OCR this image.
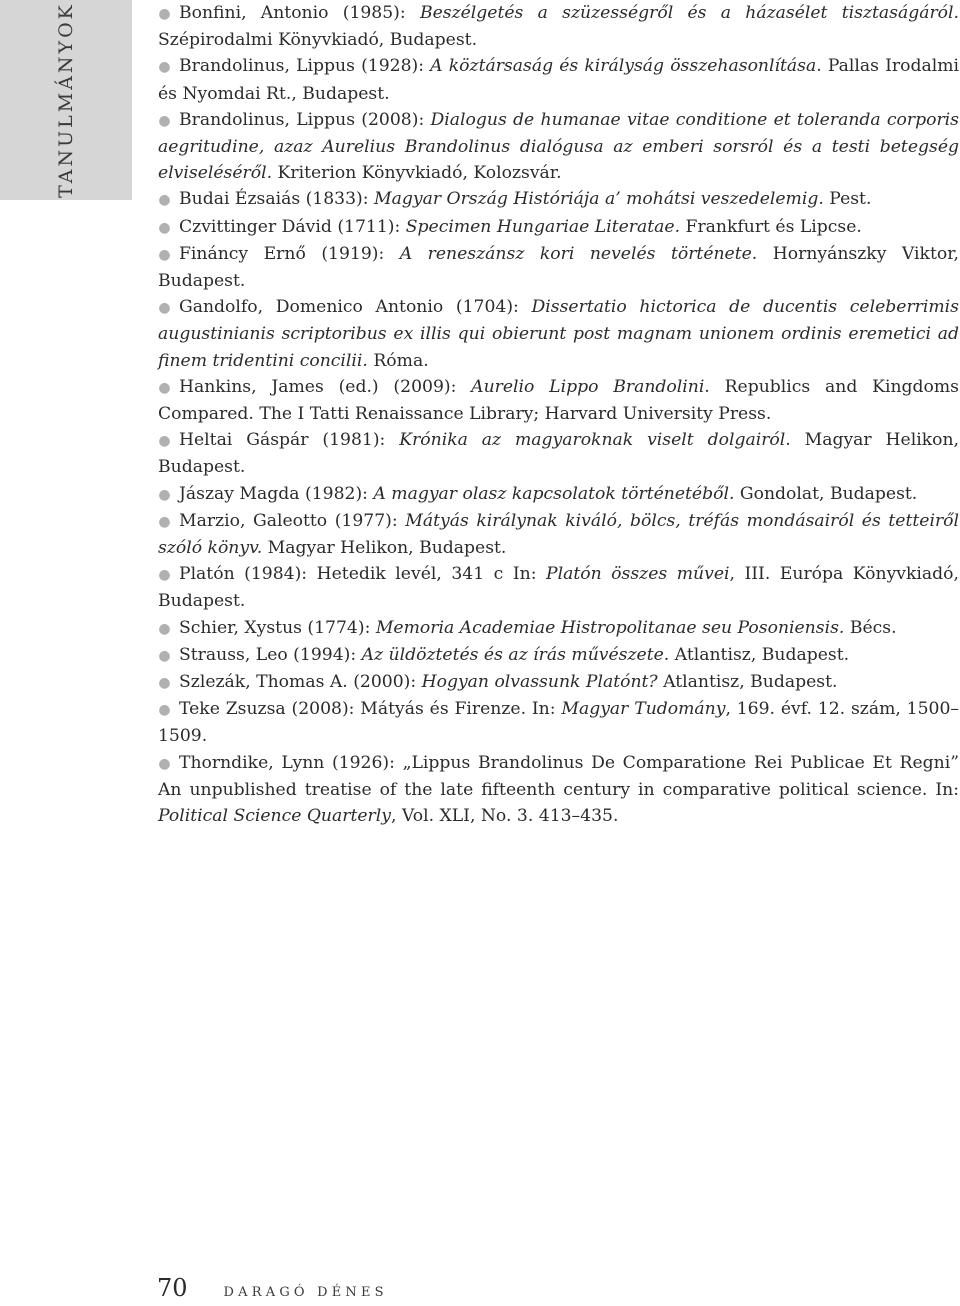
TANULMÁNYOK	● Bonfini, Antonio (1985): Beszélgetés a szüzességről és a házasélet tisztaságáról. Szépirodalmi Könyvkiadó, Budapest.
● Brandolinus, Lippus (1928): A köztársaság és királyság összehasonlítása. Pallas Irodalmi és Nyomdai Rt., Budapest.
● Brandolinus, Lippus (2008): Dialogus de humanae vitae conditione et toleranda corporis aegritudine, azaz Aurelius Brandolinus dialógusa az emberi sorsról és a testi betegség elviseléséről. Kriterion Könyvkiadó, Kolozsvár.
● Budai Ézsaiás (1833): Magyar Ország Históriája a’ mohátsi veszedelemig. Pest.
● Czvittinger Dávid (1711): Specimen Hungariae Literatae. Frankfurt és Lipcse.
● Fináncy Ernő (1919): A reneszánsz kori nevelés története. Hornyánszky Viktor, Budapest.
● Gandolfo, Domenico Antonio (1704): Dissertatio hictorica de ducentis celeberrimis augustinianis scriptoribus ex illis qui obierunt post magnam unionem ordinis eremetici ad finem tridentini concilii. Róma.
● Hankins, James (ed.) (2009): Aurelio Lippo Brandolini. Republics and Kingdoms Compared. The I Tatti Renaissance Library; Harvard University Press.
● Heltai Gáspár (1981): Krónika az magyaroknak viselt dolgairól. Magyar Helikon, Budapest.
● Jászay Magda (1982): A magyar olasz kapcsolatok történetéből. Gondolat, Budapest.
● Marzio, Galeotto (1977): Mátyás királynak kiváló, bölcs, tréfás mondásairól és tetteiről szóló könyv. Magyar Helikon, Budapest.
● Platón (1984): Hetedik levél, 341 c In: Platón összes művei, III. Európa Könyvkiadó, Budapest.
● Schier, Xystus (1774): Memoria Academiae Histropolitanae seu Posoniensis. Bécs.
● Strauss, Leo (1994): Az üldöztetés és az írás művészete. Atlantisz, Budapest.
● Szlezák, Thomas A. (2000): Hogyan olvassunk Platónt? Atlantisz, Budapest.
● Teke Zsuzsa (2008): Mátyás és Firenze. In: Magyar Tudomány, 169. évf. 12. szám, 1500–1509.
● Thorndike, Lynn (1926): „Lippus Brandolinus De Comparatione Rei Publicae Et Regni” An unpublished treatise of the late fifteenth century in comparative political science. In: Political Science Quarterly, Vol. XLI, No. 3. 413–435.
70	DARAGÓ DÉNES
